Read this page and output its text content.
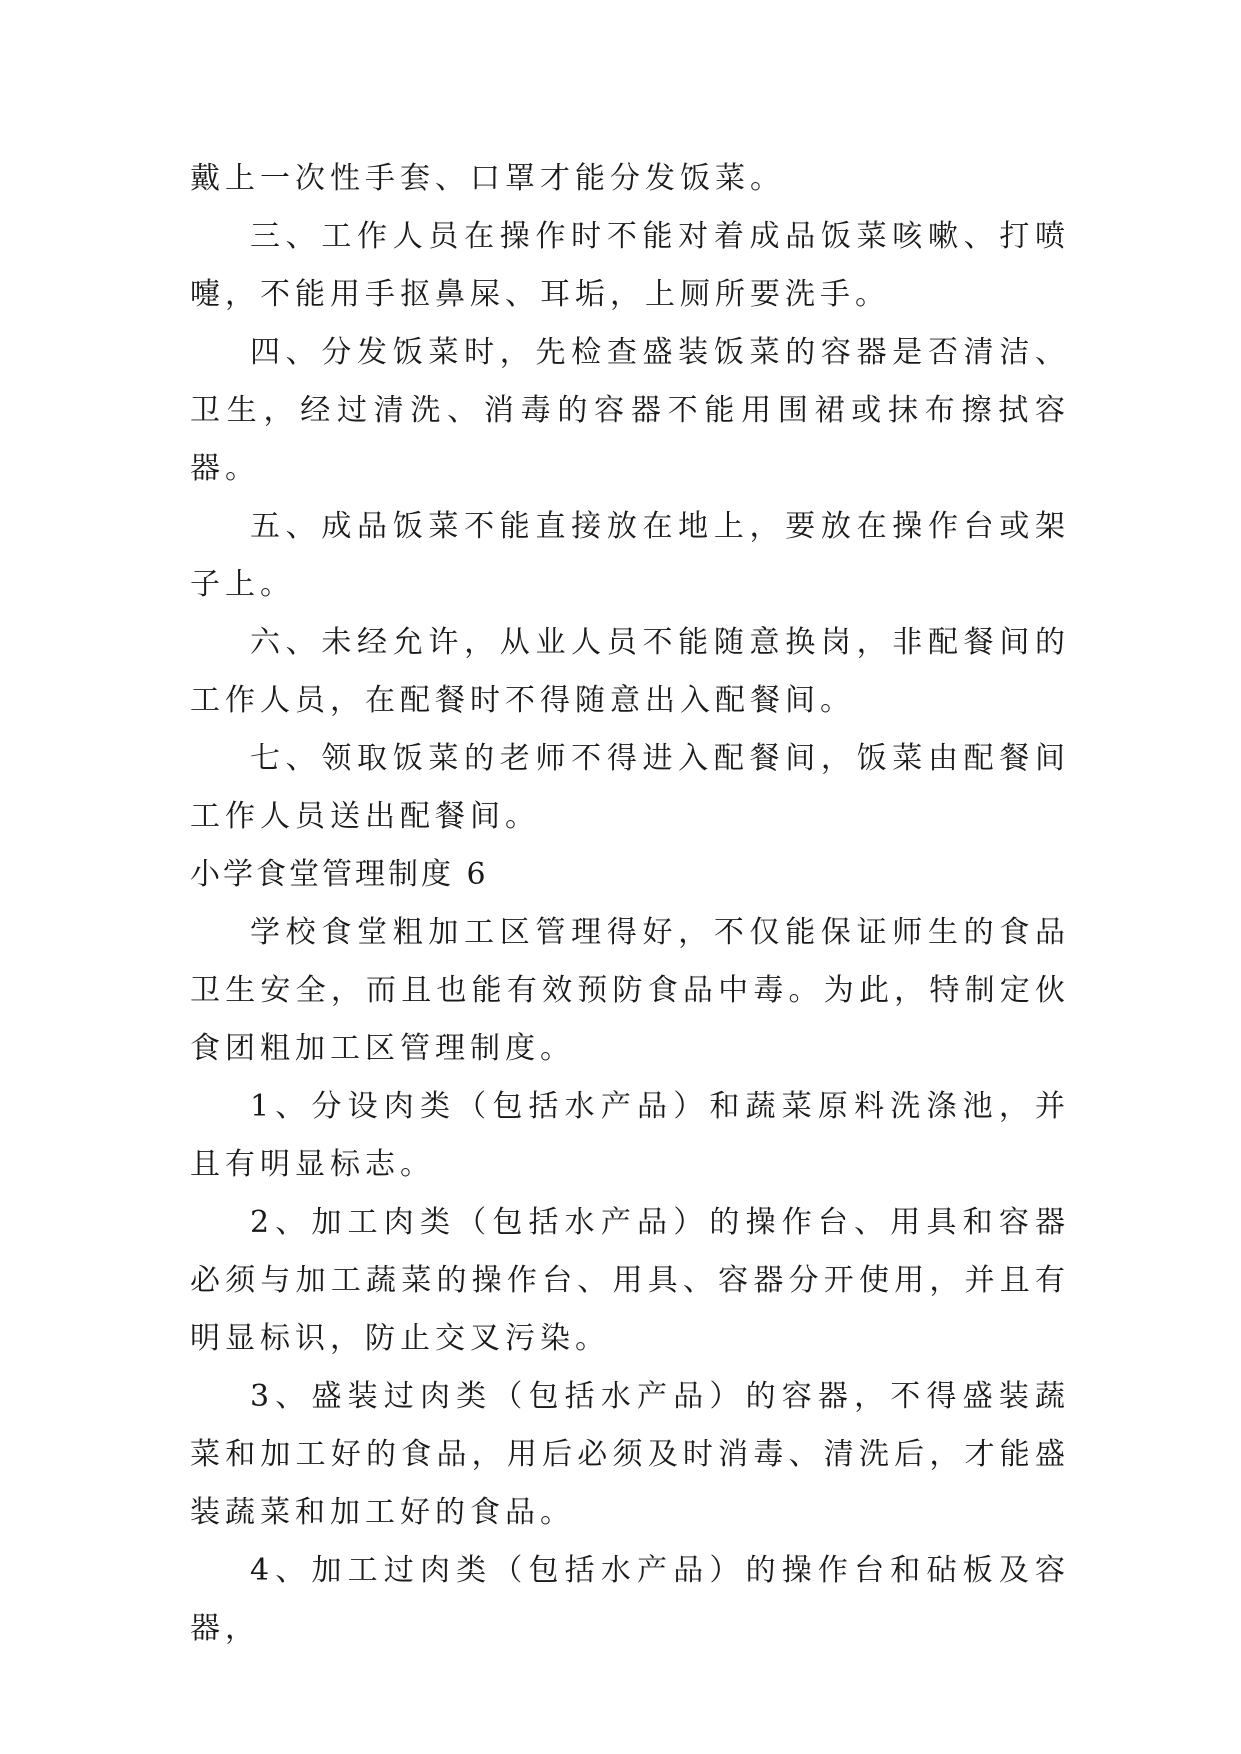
戴上一次性手套、口罩才能分发饭菜。

三、工作人员在操作时不能对着成品饭菜咳嗽、打喷嚏，不能用手抠鼻屎、耳垢，上厕所要洗手。

四、分发饭菜时，先检查盛装饭菜的容器是否清洁、卫生，经过清洗、消毒的容器不能用围裙或抹布擦拭容器。

五、成品饭菜不能直接放在地上，要放在操作台或架子上。

六、未经允许，从业人员不能随意换岗，非配餐间的工作人员，在配餐时不得随意出入配餐间。

七、领取饭菜的老师不得进入配餐间，饭菜由配餐间工作人员送出配餐间。

小学食堂管理制度 6

学校食堂粗加工区管理得好，不仅能保证师生的食品卫生安全，而且也能有效预防食品中毒。为此，特制定伙食团粗加工区管理制度。

1、分设肉类（包括水产品）和蔬菜原料洗涤池，并且有明显标志。

2、加工肉类（包括水产品）的操作台、用具和容器必须与加工蔬菜的操作台、用具、容器分开使用，并且有明显标识，防止交叉污染。

3、盛装过肉类（包括水产品）的容器，不得盛装蔬菜和加工好的食品，用后必须及时消毒、清洗后，才能盛装蔬菜和加工好的食品。

4、加工过肉类（包括水产品）的操作台和砧板及容器，
